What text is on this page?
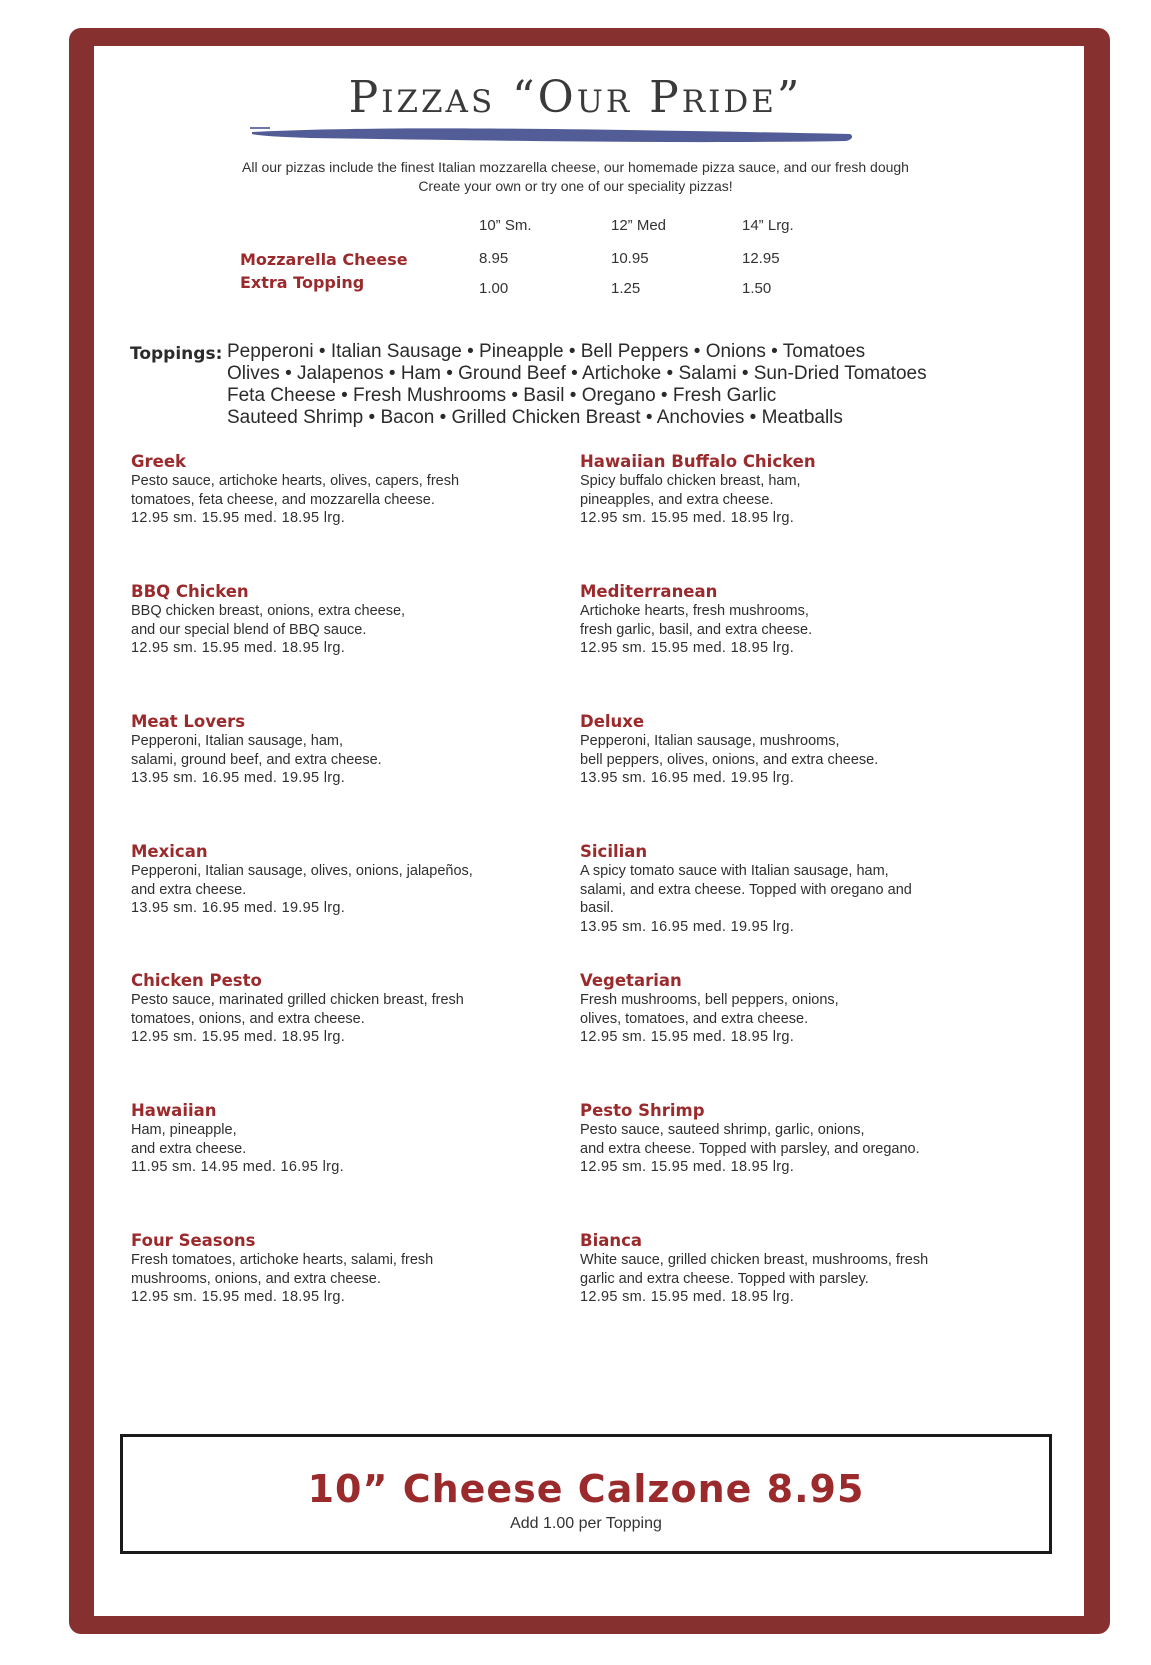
Pizzas “Our Pride”
All our pizzas include the finest Italian mozzarella cheese, our homemade pizza sauce, and our fresh dough
Create your own or try one of our speciality pizzas!
10” Sm.	12” Med	14” Lrg.
Mozzarella Cheese	8.95	10.95	12.95
Extra Topping	1.00	1.25	1.50
Toppings: Pepperoni • Italian Sausage • Pineapple • Bell Peppers • Onions • Tomatoes
Olives • Jalapenos • Ham • Ground Beef • Artichoke • Salami • Sun-Dried Tomatoes
Feta Cheese • Fresh Mushrooms • Basil • Oregano • Fresh Garlic
Sauteed Shrimp • Bacon • Grilled Chicken Breast • Anchovies • Meatballs
Greek
Pesto sauce, artichoke hearts, olives, capers, fresh
tomatoes, feta cheese, and mozzarella cheese.
12.95 sm. 15.95 med. 18.95 lrg.
Hawaiian Buffalo Chicken
Spicy buffalo chicken breast, ham,
pineapples, and extra cheese.
12.95 sm. 15.95 med. 18.95 lrg.
BBQ Chicken
BBQ chicken breast, onions, extra cheese,
and our special blend of BBQ sauce.
12.95 sm. 15.95 med. 18.95 lrg.
Mediterranean
Artichoke hearts, fresh mushrooms,
fresh garlic, basil, and extra cheese.
12.95 sm. 15.95 med. 18.95 lrg.
Meat Lovers
Pepperoni, Italian sausage, ham,
salami, ground beef, and extra cheese.
13.95 sm. 16.95 med. 19.95 lrg.
Deluxe
Pepperoni, Italian sausage, mushrooms,
bell peppers, olives, onions, and extra cheese.
13.95 sm. 16.95 med. 19.95 lrg.
Mexican
Pepperoni, Italian sausage, olives, onions, jalapeños,
and extra cheese.
13.95 sm. 16.95 med. 19.95 lrg.
Sicilian
A spicy tomato sauce with Italian sausage, ham,
salami, and extra cheese. Topped with oregano and
basil.
13.95 sm. 16.95 med. 19.95 lrg.
Chicken Pesto
Pesto sauce, marinated grilled chicken breast, fresh
tomatoes, onions, and extra cheese.
12.95 sm. 15.95 med. 18.95 lrg.
Vegetarian
Fresh mushrooms, bell peppers, onions,
olives, tomatoes, and extra cheese.
12.95 sm. 15.95 med. 18.95 lrg.
Hawaiian
Ham, pineapple,
and extra cheese.
11.95 sm. 14.95 med. 16.95 lrg.
Pesto Shrimp
Pesto sauce, sauteed shrimp, garlic, onions,
and extra cheese. Topped with parsley, and oregano.
12.95 sm. 15.95 med. 18.95 lrg.
Four Seasons
Fresh tomatoes, artichoke hearts, salami, fresh
mushrooms, onions, and extra cheese.
12.95 sm. 15.95 med. 18.95 lrg.
Bianca
White sauce, grilled chicken breast, mushrooms, fresh
garlic and extra cheese. Topped with parsley.
12.95 sm. 15.95 med. 18.95 lrg.
10” Cheese Calzone 8.95
Add 1.00 per Topping
